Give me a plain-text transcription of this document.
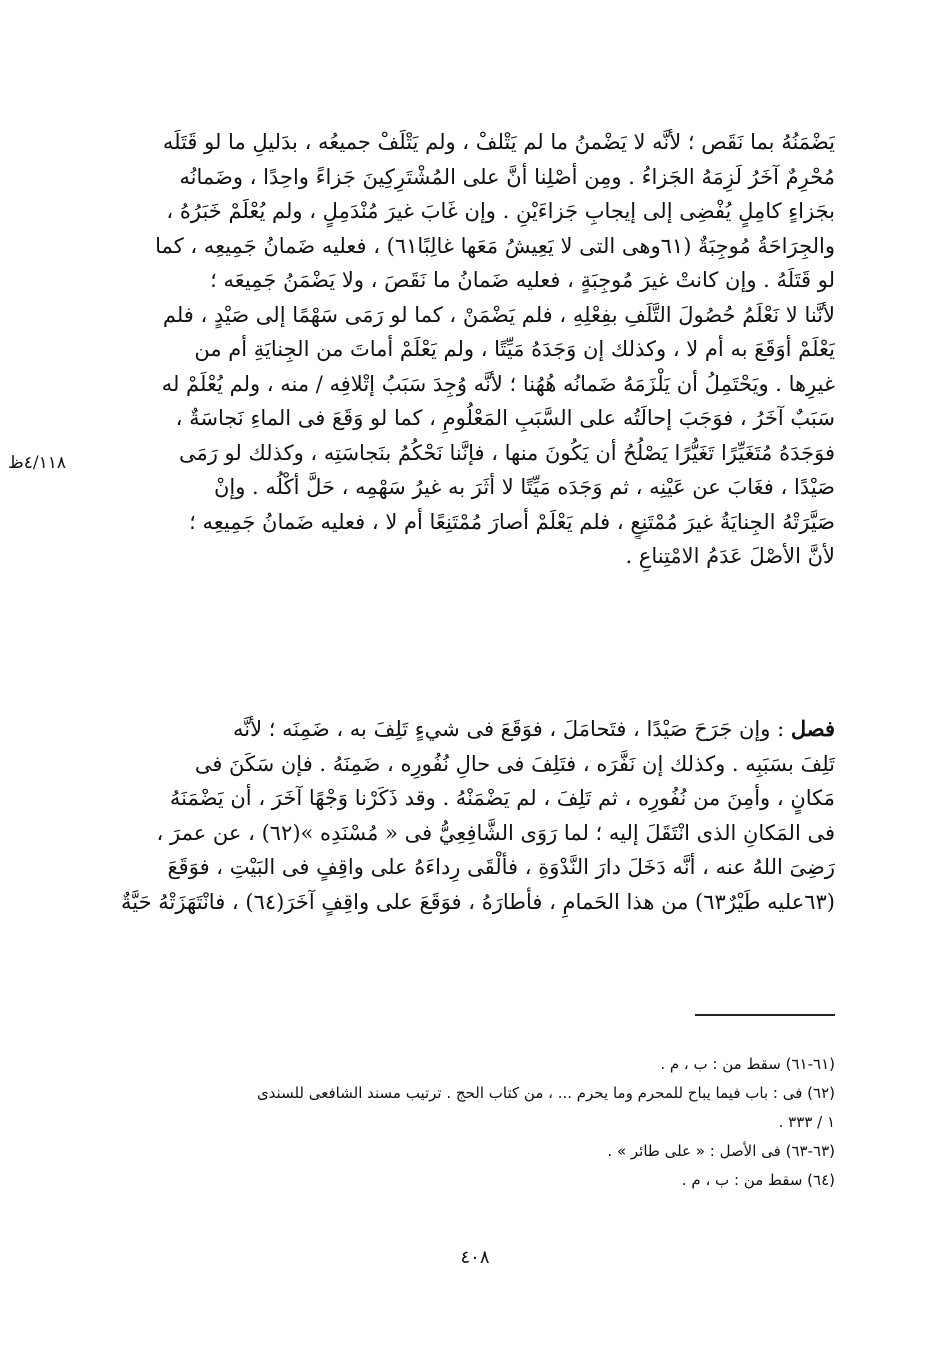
يَضْمَنُهُ بما نَقَص ؛ لأنَّه لا يَضْمنُ ما لم يَتْلفْ ، ولم يَتْلَفْ جميعُه ، بدَليلِ ما لو قَتَلَه
مُحْرِمٌ آخَرُ لَزِمَهُ الجَزاءُ . ومِن أصْلِنا أنَّ على المُشْتَرِكِينَ جَزاءً واحِدًا ، وضَمانُه
بجَزاءٍ كامِلٍ يُفْضِى إلى إيجابِ جَزاءَيْنِ . وإن غَابَ غيرَ مُنْدَمِلٍ ، ولم يُعْلَمْ خَبَرُهُ ،
والجِرَاحَةُ مُوجِبَةٌ (٦١وهى التى لا يَعِيشُ مَعَها غالِبًا٦١) ، فعليه ضَمانُ جَمِيعِه ، كما
لو قَتَلَهُ . وإن كانتْ غيرَ مُوجِبَةٍ ، فعليه ضَمانُ ما نَقَصَ ، ولا يَضْمَنُ جَمِيعَه ؛
لأنَّنا لا نَعْلَمُ حُصُولَ التَّلَفِ بفِعْلِهِ ، فلم يَضْمَنْ ، كما لو رَمَى سَهْمًا إلى صَيْدٍ ، فلم
يَعْلَمْ أوَقَعَ به أم لا ، وكذلك إن وَجَدَهُ مَيِّتًا ، ولم يَعْلَمْ أماتَ من الجِنايَةِ أم من
غيرِها . ويَحْتَمِلُ أن يَلْزَمَهُ ضَمانُه هُهُنا ؛ لأنَّه وُجِدَ سَبَبُ إتْلافِه / منه ، ولم يُعْلَمْ له
سَبَبٌ آخَرُ ، فوَجَبَ إحالَتُه على السَّبَبِ المَعْلُومِ ، كما لو وَقَعَ فى الماءِ نَجاسَةٌ ،
فوَجَدَهُ مُتَغَيِّرًا تَغَيُّرًا يَصْلُحُ أن يَكُونَ منها ، فإنَّنا نَحْكُمُ بنَجاسَتِه ، وكذلك لو رَمَى
صَيْدًا ، فغَابَ عن عَيْنِه ، ثم وَجَدَه مَيِّتًا لا أثَرَ به غيرُ سَهْمِه ، حَلَّ أكْلُه . وإنْ
صَيَّرَتْهُ الجِنايَةُ غيرَ مُمْتَنِعٍ ، فلم يَعْلَمْ أصارَ مُمْتَنِعًا أم لا ، فعليه ضَمانُ جَمِيعِه ؛
لأنَّ الأصْلَ عَدَمُ الامْتِناعِ .
٤/١١٨ظ
فصل : وإن جَرَحَ صَيْدًا ، فتَحامَلَ ، فوَقَعَ فى شيءٍ تَلِفَ به ، ضَمِنَه ؛ لأنَّه
تَلِفَ بسَبَبِه . وكذلك إن نَفَّرَه ، فتَلِفَ فى حالِ نُفُورِه ، ضَمِنَهُ . فإن سَكَنَ فى
مَكانٍ ، وأمِنَ من نُفُورِه ، ثم تَلِفَ ، لم يَضْمَنْهُ . وقد ذَكَرْنا وَجْهًا آخَرَ ، أن يَضْمَنَهُ
فى المَكانِ الذى انْتَقَلَ إليه ؛ لما رَوَى الشَّافِعِيُّ فى « مُسْنَدِه »(٦٢) ، عن عمرَ ،
رَضِىَ اللهُ عنه ، أنَّه دَخَلَ دارَ النَّدْوَةِ ، فألْقَى رِداءَهُ على واقِفٍ فى البَيْتِ ، فوَقَعَ
(٦٣عليه طَيْرٌ٦٣) من هذا الحَمامِ ، فأطارَهُ ، فوَقَعَ على واقِفٍ آخَرَ(٦٤) ، فانْتَهَزَتْهُ حَيَّةٌ
(٦١-٦١) سقط من : ب ، م .
(٦٢) فى : باب فيما يباح للمحرم وما يحرم ... ، من كتاب الحج . ترتيب مسند الشافعى للسندى
١ / ٣٣٣ .
(٦٣-٦٣) فى الأصل : « على طائر » .
(٦٤) سقط من : ب ، م .
٤٠٨
